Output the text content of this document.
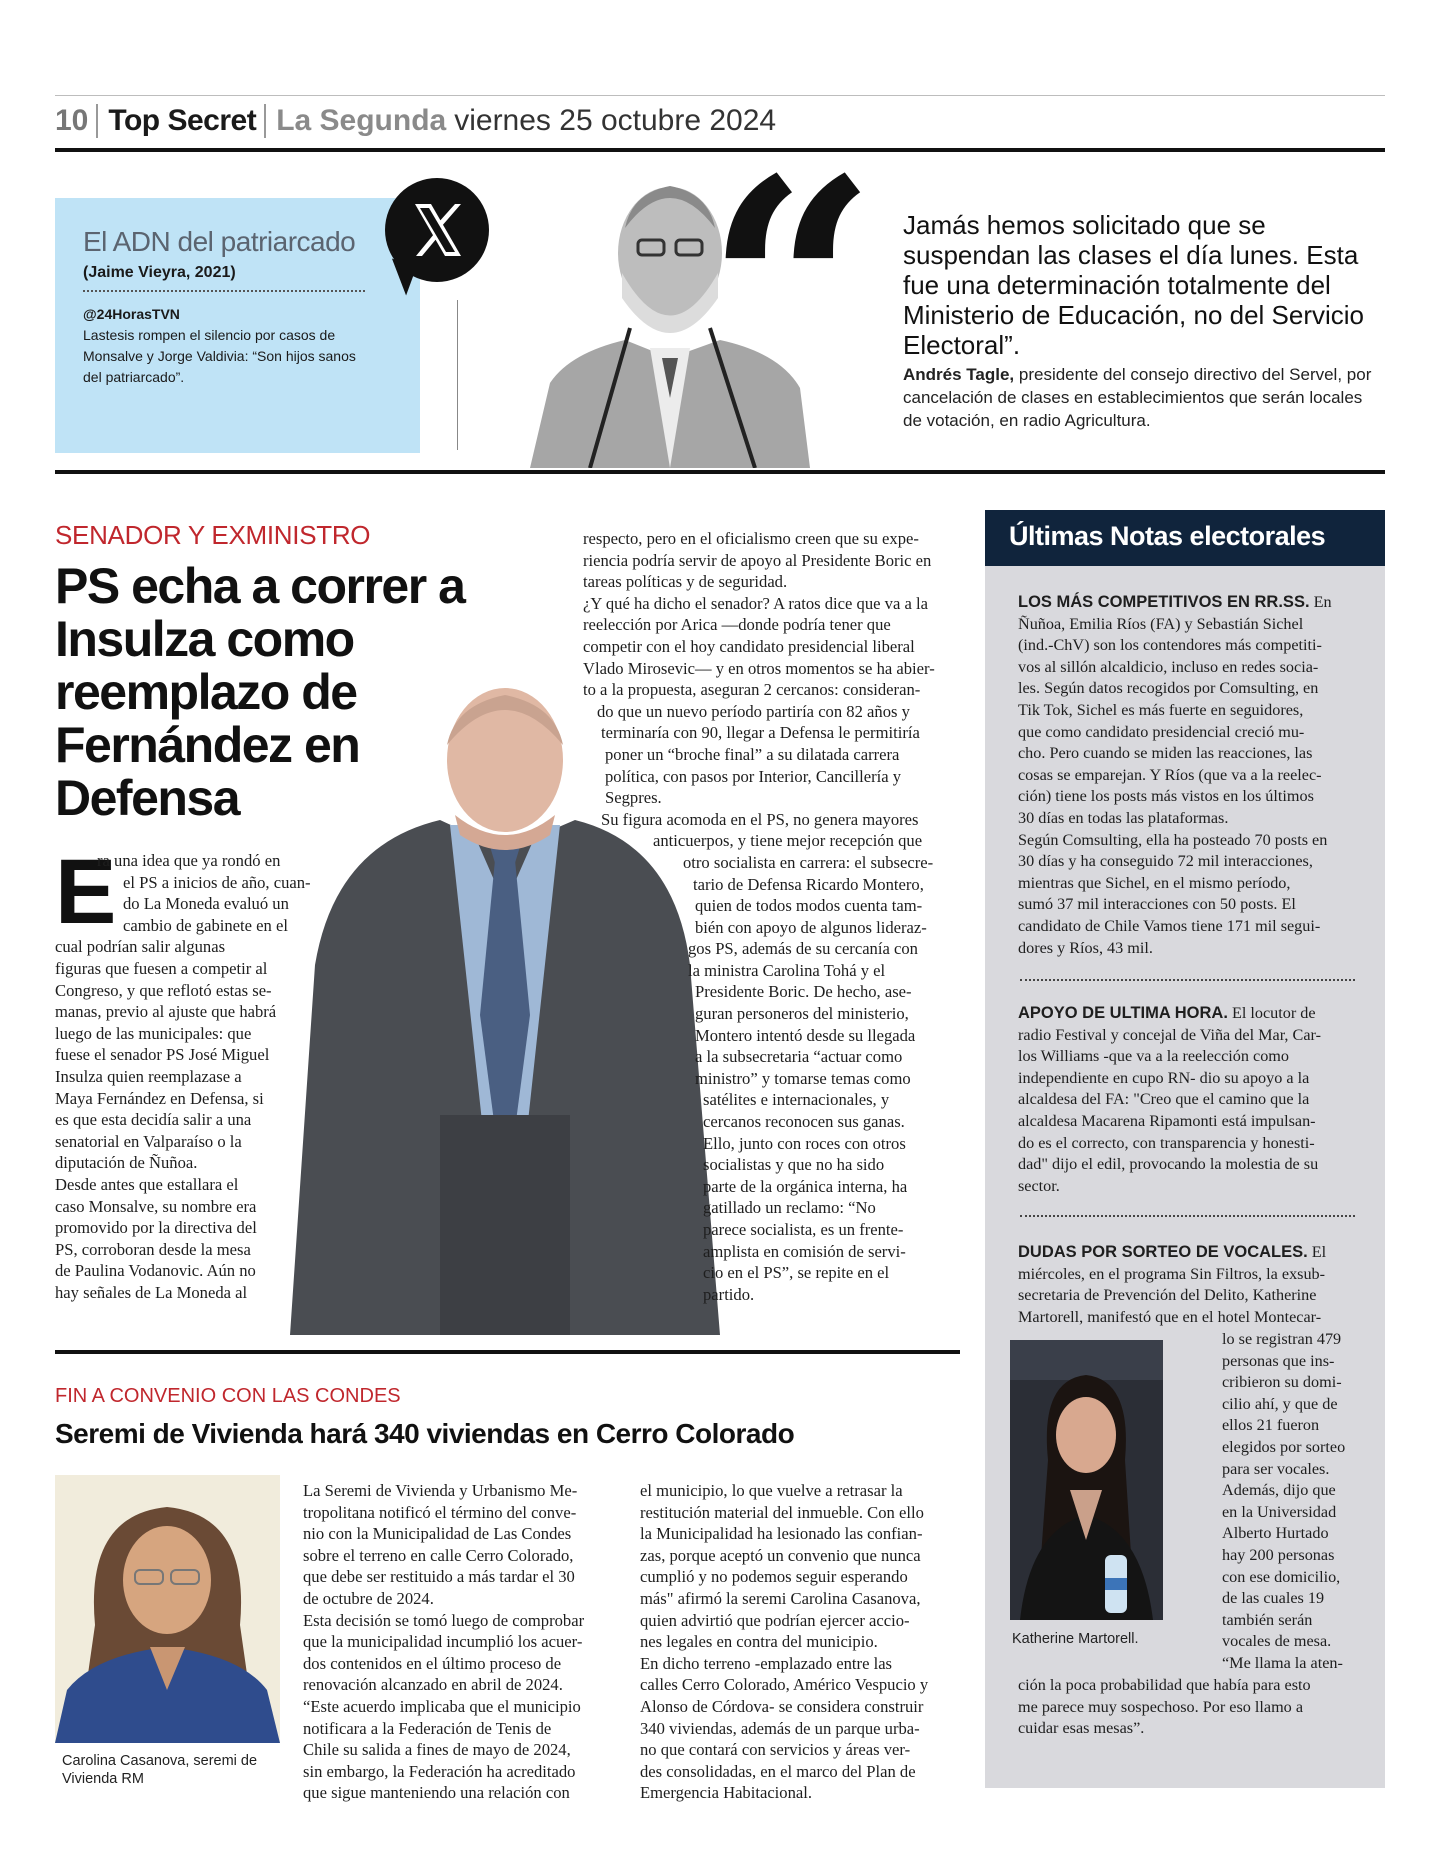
10 Top Secret La Segunda viernes 25 octubre 2024
El ADN del patriarcado
(Jaime Vieyra, 2021)
@24HorasTVN
Lastesis rompen el silencio por casos de Monsalve y Jorge Valdivia: “Son hijos sanos del patriarcado”.	“ Jamás hemos solicitado que se suspendan las clases el día lunes. Esta fue una determinación totalmente del Ministerio de Educación, no del Servicio Electoral”.
Andrés Tagle, presidente del consejo directivo del Servel, por cancelación de clases en establecimientos que serán locales de votación, en radio Agricultura.
SENADOR Y EXMINISTRO
PS echa a correr a Insulza como reemplazo de Fernández en Defensa
E
ra una idea que ya rondó en
el PS a inicios de año, cuan-
do La Moneda evaluó un
cambio de gabinete en el
cual podrían salir algunas
figuras que fuesen a competir al
Congreso, y que reflotó estas se-
manas, previo al ajuste que habrá
luego de las municipales: que
fuese el senador PS José Miguel
Insulza quien reemplazase a
Maya Fernández en Defensa, si
es que esta decidía salir a una
senatorial en Valparaíso o la
diputación de Ñuñoa.
Desde antes que estallara el
caso Monsalve, su nombre era
promovido por la directiva del
PS, corroboran desde la mesa
de Paulina Vodanovic. Aún no
hay señales de La Moneda al
respecto, pero en el oficialismo creen que su expe-
riencia podría servir de apoyo al Presidente Boric en
tareas políticas y de seguridad.
¿Y qué ha dicho el senador? A ratos dice que va a la
reelección por Arica —donde podría tener que
competir con el hoy candidato presidencial liberal
Vlado Mirosevic— y en otros momentos se ha abier-
to a la propuesta, aseguran 2 cercanos: consideran-
do que un nuevo período partiría con 82 años y
terminaría con 90, llegar a Defensa le permitiría
poner un “broche final” a su dilatada carrera
política, con pasos por Interior, Cancillería y
Segpres.
Su figura acomoda en el PS, no genera mayores
anticuerpos, y tiene mejor recepción que
otro socialista en carrera: el subsecre-
tario de Defensa Ricardo Montero,
quien de todos modos cuenta tam-
bién con apoyo de algunos lideraz-
gos PS, además de su cercanía con
la ministra Carolina Tohá y el
Presidente Boric. De hecho, ase-
guran personeros del ministerio,
Montero intentó desde su llegada
a la subsecretaria “actuar como
ministro” y tomarse temas como
satélites e internacionales, y
cercanos reconocen sus ganas.
Ello, junto con roces con otros
socialistas y que no ha sido
parte de la orgánica interna, ha
gatillado un reclamo: “No
parece socialista, es un frente-
amplista en comisión de servi-
cio en el PS”, se repite en el
partido.
Últimas Notas electorales
LOS MÁS COMPETITIVOS EN RR.SS. En
Ñuñoa, Emilia Ríos (FA) y Sebastián Sichel
(ind.-ChV) son los contendores más competiti-
vos al sillón alcaldicio, incluso en redes socia-
les. Según datos recogidos por Comsulting, en
Tik Tok, Sichel es más fuerte en seguidores,
que como candidato presidencial creció mu-
cho. Pero cuando se miden las reacciones, las
cosas se emparejan. Y Ríos (que va a la reelec-
ción) tiene los posts más vistos en los últimos
30 días en todas las plataformas.
Según Comsulting, ella ha posteado 70 posts en
30 días y ha conseguido 72 mil interacciones,
mientras que Sichel, en el mismo período,
sumó 37 mil interacciones con 50 posts. El
candidato de Chile Vamos tiene 171 mil segui-
dores y Ríos, 43 mil.
APOYO DE ULTIMA HORA. El locutor de
radio Festival y concejal de Viña del Mar, Car-
los Williams -que va a la reelección como
independiente en cupo RN- dio su apoyo a la
alcaldesa del FA: "Creo que el camino que la
alcaldesa Macarena Ripamonti está impulsan-
do es el correcto, con transparencia y honesti-
dad" dijo el edil, provocando la molestia de su
sector.
DUDAS POR SORTEO DE VOCALES. El
miércoles, en el programa Sin Filtros, la exsub-
secretaria de Prevención del Delito, Katherine
Martorell, manifestó que en el hotel Montecar-
lo se registran 479
personas que ins-
cribieron su domi-
cilio ahí, y que de
ellos 21 fueron
elegidos por sorteo
para ser vocales.
Además, dijo que
en la Universidad
Alberto Hurtado
hay 200 personas
con ese domicilio,
de las cuales 19
también serán
vocales de mesa.
“Me llama la aten-
ción la poca probabilidad que había para esto
me parece muy sospechoso. Por eso llamo a
cuidar esas mesas”.
Katherine Martorell.
FIN A CONVENIO CON LAS CONDES
Seremi de Vivienda hará 340 viviendas en Cerro Colorado
Carolina Casanova, seremi de Vivienda RM
La Seremi de Vivienda y Urbanismo Me-
tropolitana notificó el término del conve-
nio con la Municipalidad de Las Condes
sobre el terreno en calle Cerro Colorado,
que debe ser restituido a más tardar el 30
de octubre de 2024.
Esta decisión se tomó luego de comprobar
que la municipalidad incumplió los acuer-
dos contenidos en el último proceso de
renovación alcanzado en abril de 2024.
“Este acuerdo implicaba que el municipio
notificara a la Federación de Tenis de
Chile su salida a fines de mayo de 2024,
sin embargo, la Federación ha acreditado
que sigue manteniendo una relación con
el municipio, lo que vuelve a retrasar la
restitución material del inmueble. Con ello
la Municipalidad ha lesionado las confian-
zas, porque aceptó un convenio que nunca
cumplió y no podemos seguir esperando
más" afirmó la seremi Carolina Casanova,
quien advirtió que podrían ejercer accio-
nes legales en contra del municipio.
En dicho terreno -emplazado entre las
calles Cerro Colorado, Américo Vespucio y
Alonso de Córdova- se considera construir
340 viviendas, además de un parque urba-
no que contará con servicios y áreas ver-
des consolidadas, en el marco del Plan de
Emergencia Habitacional.
